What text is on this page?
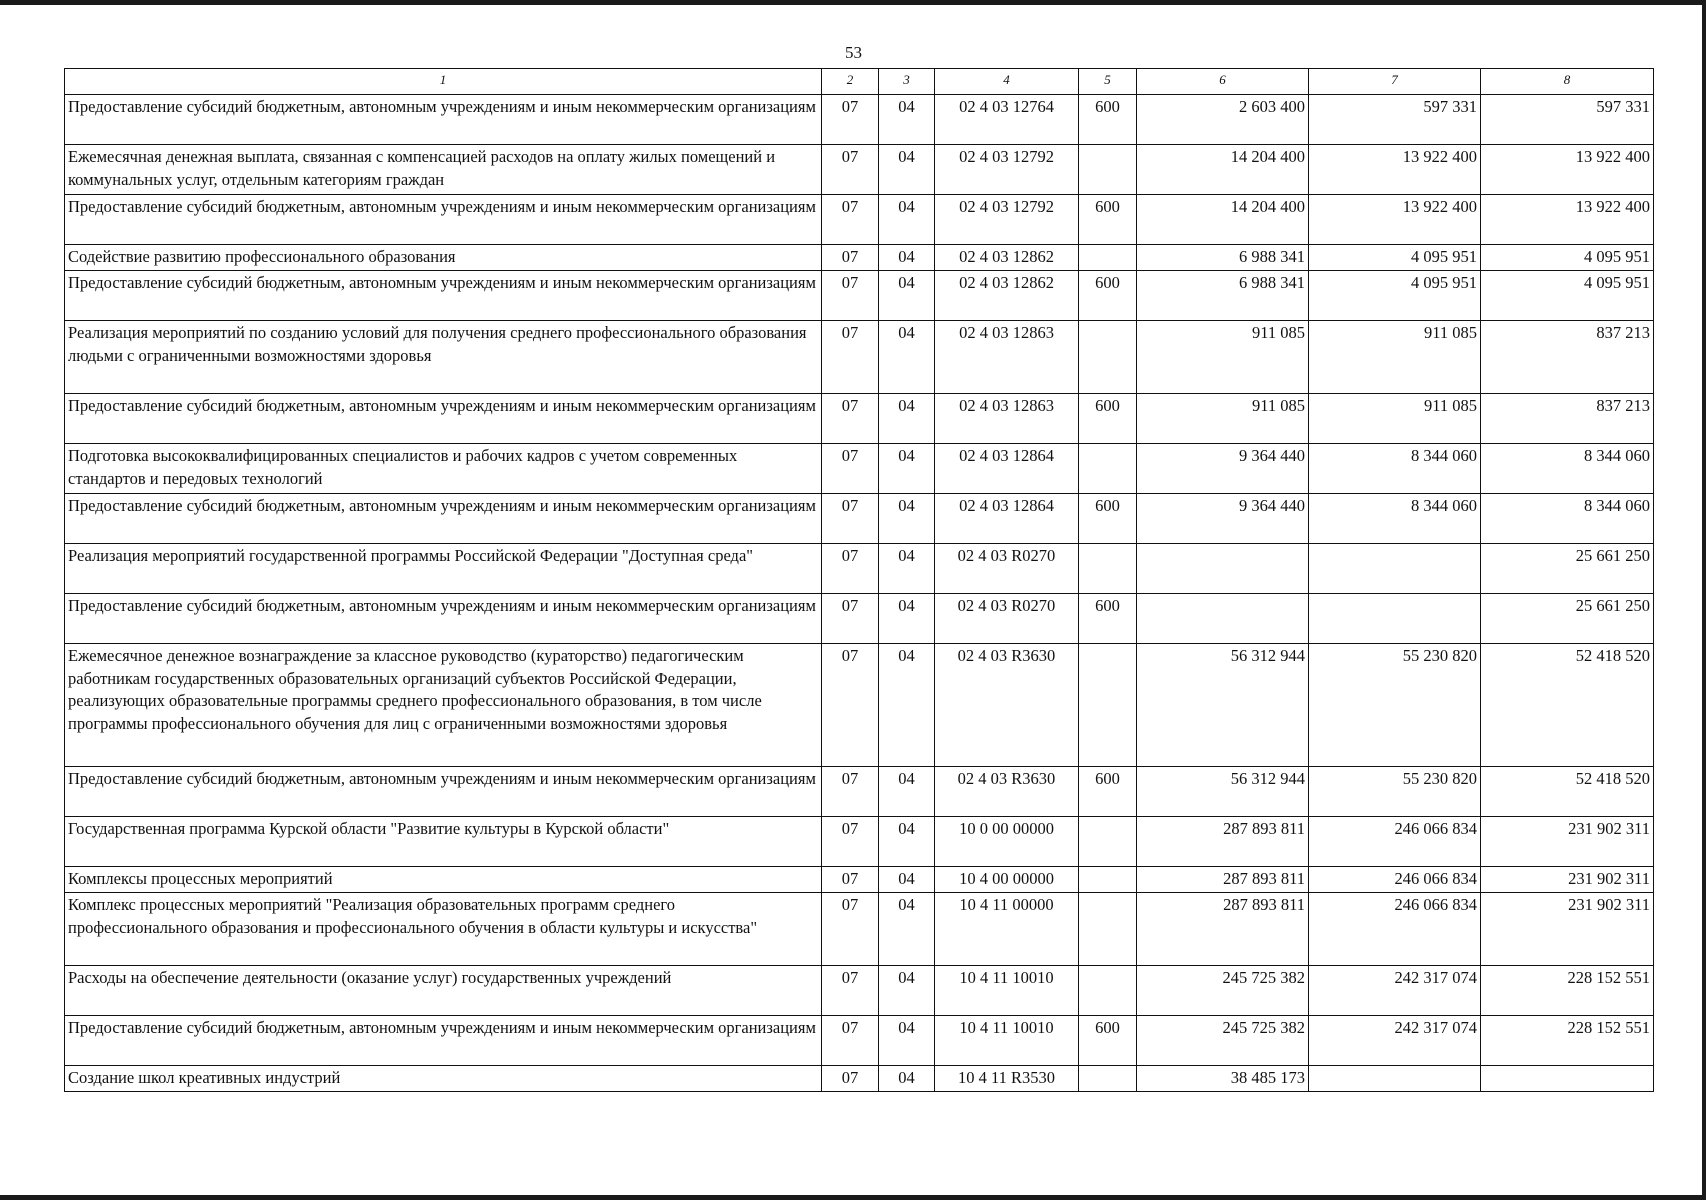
53
1	2	3	4	5	6	7	8
Предоставление субсидий бюджетным, автономным учреждениям и иным некоммерческим организациям	07	04	02 4 03 12764	600	2 603 400	597 331	597 331
Ежемесячная денежная выплата, связанная с компенсацией расходов на оплату жилых помещений и коммунальных услуг, отдельным категориям граждан	07	04	02 4 03 12792		14 204 400	13 922 400	13 922 400
Предоставление субсидий бюджетным, автономным учреждениям и иным некоммерческим организациям	07	04	02 4 03 12792	600	14 204 400	13 922 400	13 922 400
Содействие развитию профессионального образования	07	04	02 4 03 12862		6 988 341	4 095 951	4 095 951
Предоставление субсидий бюджетным, автономным учреждениям и иным некоммерческим организациям	07	04	02 4 03 12862	600	6 988 341	4 095 951	4 095 951
Реализация мероприятий по созданию условий для получения среднего профессионального образования людьми с ограниченными возможностями здоровья	07	04	02 4 03 12863		911 085	911 085	837 213
Предоставление субсидий бюджетным, автономным учреждениям и иным некоммерческим организациям	07	04	02 4 03 12863	600	911 085	911 085	837 213
Подготовка высококвалифицированных специалистов и рабочих кадров с учетом современных стандартов и передовых технологий	07	04	02 4 03 12864		9 364 440	8 344 060	8 344 060
Предоставление субсидий бюджетным, автономным учреждениям и иным некоммерческим организациям	07	04	02 4 03 12864	600	9 364 440	8 344 060	8 344 060
Реализация мероприятий государственной программы Российской Федерации "Доступная среда"	07	04	02 4 03 R0270				25 661 250
Предоставление субсидий бюджетным, автономным учреждениям и иным некоммерческим организациям	07	04	02 4 03 R0270	600			25 661 250
Ежемесячное денежное вознаграждение за классное руководство (кураторство) педагогическим работникам государственных образовательных организаций субъектов Российской Федерации, реализующих образовательные программы среднего профессионального образования, в том числе программы профессионального обучения для лиц с ограниченными возможностями здоровья	07	04	02 4 03 R3630		56 312 944	55 230 820	52 418 520
Предоставление субсидий бюджетным, автономным учреждениям и иным некоммерческим организациям	07	04	02 4 03 R3630	600	56 312 944	55 230 820	52 418 520
Государственная программа Курской области "Развитие культуры в Курской области"	07	04	10 0 00 00000		287 893 811	246 066 834	231 902 311
Комплексы процессных мероприятий	07	04	10 4 00 00000		287 893 811	246 066 834	231 902 311
Комплекс процессных мероприятий "Реализация образовательных программ среднего профессионального образования и профессионального обучения в области культуры и искусства"	07	04	10 4 11 00000		287 893 811	246 066 834	231 902 311
Расходы на обеспечение деятельности (оказание услуг) государственных учреждений	07	04	10 4 11 10010		245 725 382	242 317 074	228 152 551
Предоставление субсидий бюджетным, автономным учреждениям и иным некоммерческим организациям	07	04	10 4 11 10010	600	245 725 382	242 317 074	228 152 551
Создание школ креативных индустрий	07	04	10 4 11 R3530		38 485 173		
